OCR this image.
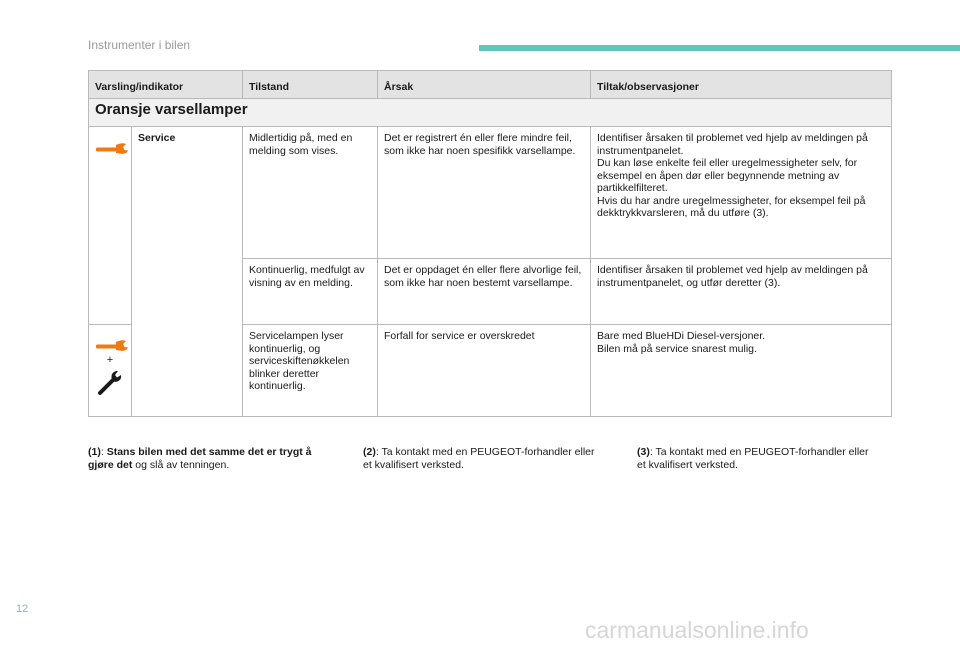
Instrumenter i bilen
Varsling/indikator		Tilstand	Årsak	Tiltak/observasjoner
Oransje varsellamper				

	Service	Midlertidig på, med en melding som vises.	Det er registrert én eller flere mindre feil, som ikke har noen spesifikk varsellampe.	Identifiser årsaken til problemet ved hjelp av meldingen på instrumentpanelet.
Du kan løse enkelte feil eller uregelmessigheter selv, for eksempel en åpen dør eller begynnende metning av partikkelfilteret.
Hvis du har andre uregelmessigheter, for eksempel feil på dekktrykkvarsleren, må du utføre (3).
		Kontinuerlig, medfulgt av visning av en melding.	Det er oppdaget én eller flere alvorlige feil, som ikke har noen bestemt varsellampe.	Identifiser årsaken til problemet ved hjelp av meldingen på instrumentpanelet, og utfør deretter (3).

+		Servicelampen lyser kontinuerlig, og serviceskiftenøkkelen blinker deretter kontinuerlig.	Forfall for service er overskredet	Bare med BlueHDi Diesel-versjoner.
Bilen må på service snarest mulig.
(1): Stans bilen med det samme det er trygt å gjøre det og slå av tenningen.
(2): Ta kontakt med en PEUGEOT-forhandler eller et kvalifisert verksted.
(3): Ta kontakt med en PEUGEOT-forhandler eller et kvalifisert verksted.
12
carmanualsonline.info
